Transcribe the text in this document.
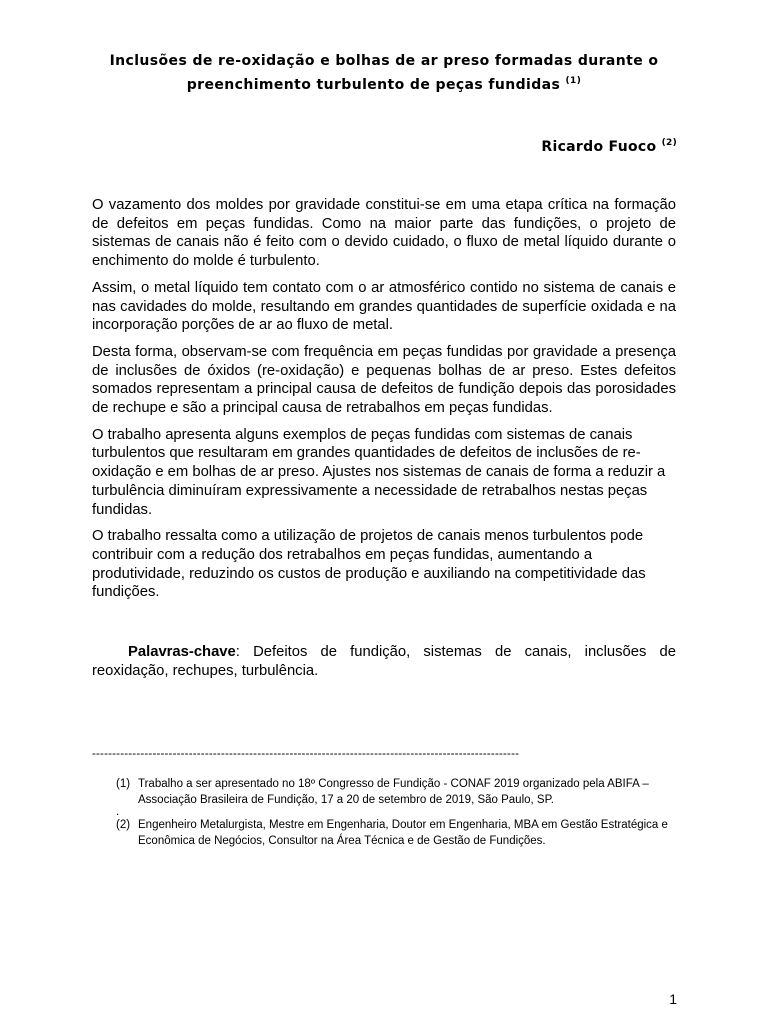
Inclusões de re-oxidação e bolhas de ar preso formadas durante o
preenchimento turbulento de peças fundidas $^{(1)}$
Ricardo Fuoco $^{(2)}$

O vazamento dos moldes por gravidade constitui-se em uma etapa crítica na formação de defeitos em peças fundidas. Como na maior parte das fundições, o projeto de sistemas de canais não é feito com o devido cuidado, o fluxo de metal líquido durante o enchimento do molde é turbulento.

Assim, o metal líquido tem contato com o ar atmosférico contido no sistema de canais e nas cavidades do molde, resultando em grandes quantidades de superfície oxidada e na incorporação porções de ar ao fluxo de metal.

Desta forma, observam-se com frequência em peças fundidas por gravidade a presença de inclusões de óxidos (re-oxidação) e pequenas bolhas de ar preso. Estes defeitos somados representam a principal causa de defeitos de fundição depois das porosidades de rechupe e são a principal causa de retrabalhos em peças fundidas.

O trabalho apresenta alguns exemplos de peças fundidas com sistemas de canais turbulentos que resultaram em grandes quantidades de defeitos de inclusões de re-oxidação e em bolhas de ar preso. Ajustes nos sistemas de canais de forma a reduzir a turbulência diminuíram expressivamente a necessidade de retrabalhos nestas peças fundidas.

O trabalho ressalta como a utilização de projetos de canais menos turbulentos pode contribuir com a redução dos retrabalhos em peças fundidas, aumentando a produtividade, reduzindo os custos de produção e auxiliando na competitividade das fundições.

Palavras-chave: Defeitos de fundição, sistemas de canais, inclusões de reoxidação, rechupes, turbulência.

----------------------------------------------------------------------------------------------------------
(1) Trabalho a ser apresentado no 18º Congresso de Fundição - CONAF 2019 organizado pela ABIFA – Associação Brasileira de Fundição, 17 a 20 de setembro de 2019, São Paulo, SP.
.
(2) Engenheiro Metalurgista, Mestre em Engenharia, Doutor em Engenharia, MBA em Gestão Estratégica e Econômica de Negócios, Consultor na Área Técnica e de Gestão de Fundições.
1
